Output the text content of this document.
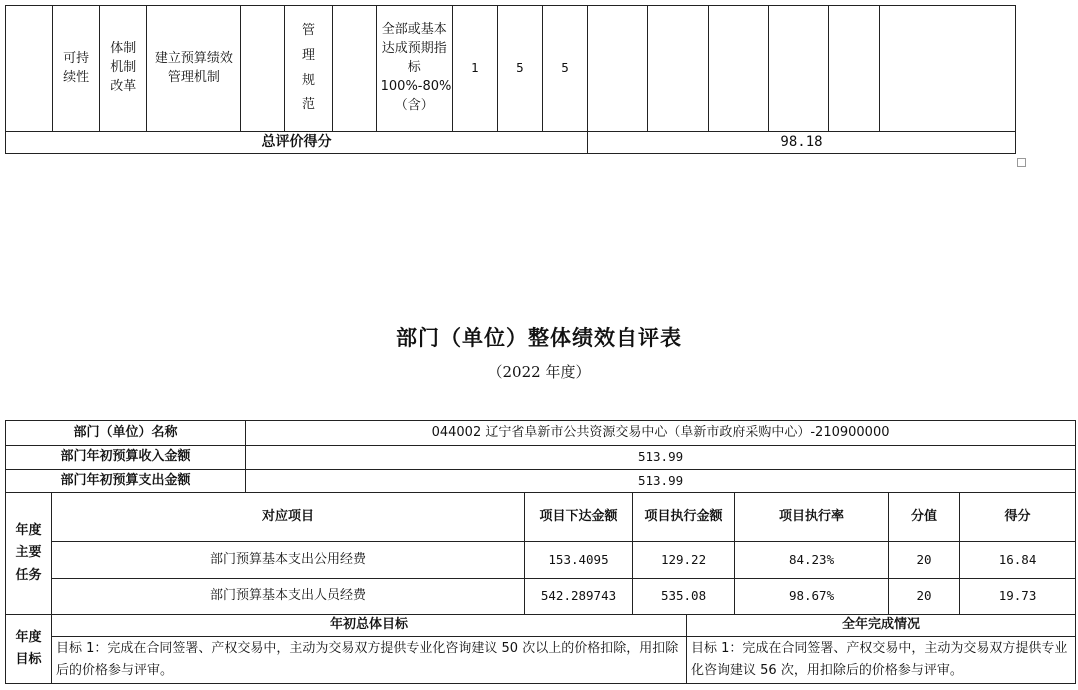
	可持续性	体制机制改革	建立预算绩效管理机制		管理规范		全部或基本达成预期指标100%-80%（含）	1	5	5						
总评价得分											98.18					
部门（单位）整体绩效自评表
（2022 年度）
部门（单位）名称		044002 辽宁省阜新市公共资源交易中心（阜新市政府采购中心）-210900000						
部门年初预算收入金额		513.99						
部门年初预算支出金额		513.99						
年度主要任务	对应项目		项目下达金额	项目执行金额		项目执行率	分值	得分
	部门预算基本支出公用经费		153.4095	129.22		84.23%	20	16.84
	部门预算基本支出人员经费		542.289743	535.08		98.67%	20	19.73
年度目标	年初总体目标				全年完成情况			
	目标 1：完成在合同签署、产权交易中，主动为交易双方提供专业化咨询建议 50 次以上的价格扣除，用扣除后的价格参与评审。				目标 1：完成在合同签署、产权交易中，主动为交易双方提供专业化咨询建议 56 次，用扣除后的价格参与评审。			
